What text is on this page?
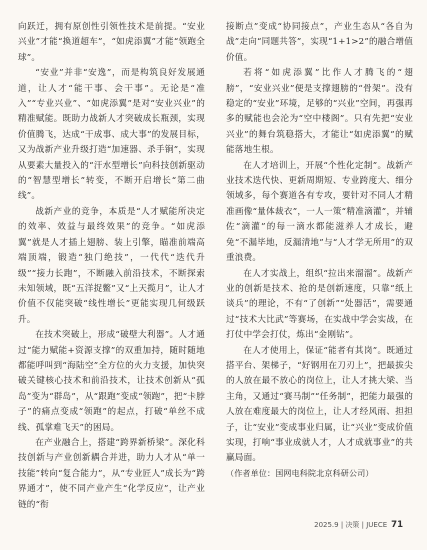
向跃迁，拥有原创性引领性技术是前提。“安业兴业”才能“换道超车”，“如虎添翼”才能“领跑全球”。

“安业”并非“安逸”，而是构筑良好发展通道，让人才“能干事、会干事”。无论是“准入”“专业兴业”、“如虎添翼”是对“安业兴业”的精准赋能。既助力战新人才突破成长瓶颈，实现价值腾飞，达成“干成事、成大事”的发展目标，又为战新产业升级打造“加速器、杀手锏”，实现从要素大量投入的“汗水型增长”向科技创新驱动的“智慧型增长”转变，不断开启增长“第二曲线”。

战新产业的竞争，本质是“人才赋能所决定的效率、效益与最终效果”的竞争。“如虎添翼”就是人才插上翅膀、装上引擎，瞄准前端高端顶端，锻造“独门绝技”，一代代“迭代升级”“接力长跑”，不断融入前沿技术，不断探索未知领域，既“五洋捉鳖”又“上天揽月”，让人才价值不仅能突破“线性增长”更能实现几何级跃升。

在技术突破上，形成“破壁大利器”。人才通过“能力赋能+资源支撑”的双重加持，随时随地都能呼叫到“海陆空”全方位的火力支援，加快突破关键核心技术和前沿技术，让技术创新从“孤岛”变为“群岛”，从“跟跑”变成“领跑”，把“卡脖子”的痛点变成“领跑”的起点，打破“单丝不成线、孤掌难飞天”的困局。

在产业融合上，搭建“跨界新桥梁”。深化科技创新与产业创新耦合并进，助力人才从“单一技能”转向“复合能力”，从“专业匠人”成长为“跨界通才”，使不同产业产生“化学反应”，让产业链的“衔

接断点”变成“协同接点”，产业生态从“各自为战”走向“同题共答”，实现“1+1>2”的融合增值价值。

若将“如虎添翼”比作人才腾飞的“翅膀”，“安业兴业”便是支撑翅膀的“骨架”。没有稳定的“安业”环境，足够的“兴业”空间，再强再多的赋能也会沦为“空中楼阁”。只有先把“安业兴业”的舞台筑稳搭大，才能让“如虎添翼”的赋能落地生根。

在人才培训上，开展“个性化定制”。战新产业技术迭代快、更新周期短、专业跨度大、细分领域多，每个赛道各有专攻，要针对不同人才精准画像“量体裁衣”，一人一策“精准滴灌”，并辅佐“滴灌”的每一滴水都能滋养人才成长，避免“不漏毕地，反漏清地”与“人才学无所用”的双重浪费。

在人才实战上，组织“拉出来溜溜”。战新产业的创新是技术、抢的是创新速度，只靠“纸上谈兵”的理论，不有“了创新”“处器活”，需要通过“技术大比武”等赛场，在实战中学会实战，在打仗中学会打仗，炼出“金刚钻”。

在人才使用上，保证“能者有其岗”。既通过搭平台、架梯子，“好钢用在刀刃上”，把最拔尖的人放在最不放心的岗位上，让人才挑大梁、当主角，又通过“赛马制”“任务制”，把能力最强的人放在难度最大的岗位上，让人才经风雨、担担子，让“安业”变成事业归属，让“兴业”变成价值实现，打响“事业成就人才，人才成就事业”的共赢局面。

（作者单位：国网电科院北京科研公司）

2025.9 | 决策 | JUECE 71
